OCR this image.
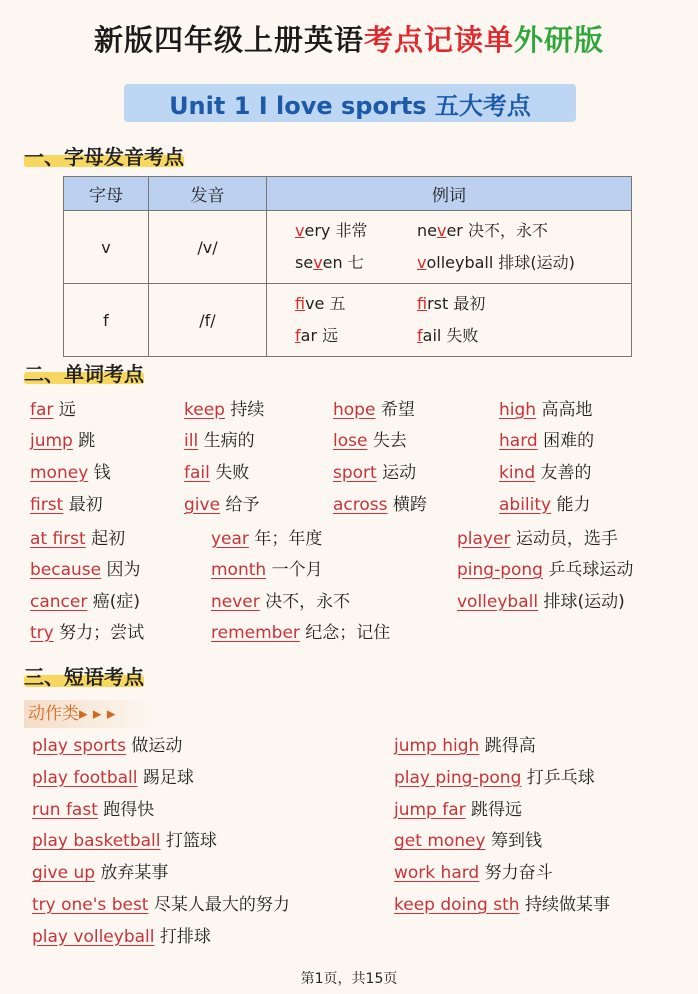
新版四年级上册英语考点记读单外研版
Unit 1 I love sports 五大考点
一、字母发音考点
字母	发音	例词
v	/v/	very 非常 never 决不，永不
seven 七 volleyball 排球(运动)

f	/f/	five 五 first 最初
far 远 fail 失败
二、单词考点
far 远	keep 持续	hope 希望	high 高高地
jump 跳	ill 生病的	lose 失去	hard 困难的
money 钱	fail 失败	sport 运动	kind 友善的
first 最初	give 给予	across 横跨	ability 能力
at first 起初	year 年；年度	player 运动员，选手
because 因为	month 一个月	ping-pong 乒乓球运动
cancer 癌(症)	never 决不，永不	volleyball 排球(运动)
try 努力；尝试	remember 纪念；记住
三、短语考点
动作类▸ ▸ ▸
play sports 做运动	jump high 跳得高
play football 踢足球	play ping-pong 打乒乓球
run fast 跑得快	jump far 跳得远
play basketball 打篮球	get money 筹到钱
give up 放弃某事	work hard 努力奋斗
try one's best 尽某人最大的努力	keep doing sth 持续做某事
play volleyball 打排球
第1页，共15页
